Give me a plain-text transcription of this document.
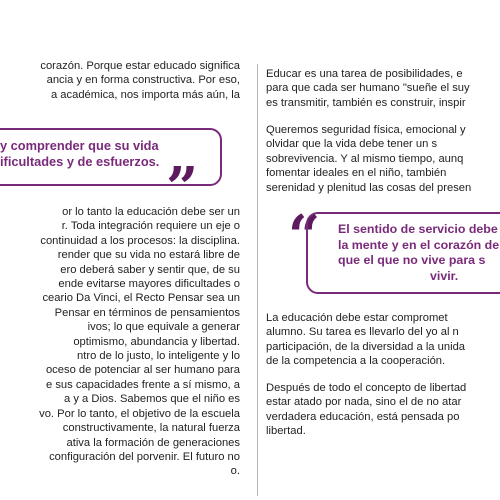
corazón. Porque estar educado significa
ancia y en forma constructiva. Por eso,
a académica, nos importa más aún, la

y comprender que su vida
ificultades y de esfuerzos. ”

or lo tanto la educación debe ser un
r. Toda integración requiere un eje o
continuidad a los procesos: la disciplina.
render que su vida no estará libre de
ero deberá saber y sentir que, de su
ende evitarse mayores dificultades o
ceario Da Vinci, el Recto Pensar sea un
Pensar en términos de pensamientos
ivos; lo que equivale a generar
optimismo, abundancia y libertad.
ntro de lo justo, lo inteligente y lo
oceso de potenciar al ser humano para
e sus capacidades frente a sí mismo, a
a y a Dios. Sabemos que el niño es
vo. Por lo tanto, el objetivo de la escuela
constructivamente, la natural fuerza
ativa la formación de generaciones
configuración del porvenir. El futuro no
o.

Educar es una tarea de posibilidades, e
para que cada ser humano "sueñe el suy
es transmitir, también es construir, inspir

Queremos seguridad física, emocional y
olvidar que la vida debe tener un s
sobrevivencia. Y al mismo tiempo, aunq
fomentar ideales en el niño, también
serenidad y plenitud las cosas del presen

“ El sentido de servicio debe
la mente y en el corazón de
que el que no vive para s
vivir.

La educación debe estar compromet
alumno. Su tarea es llevarlo del yo al n
participación, de la diversidad a la unida
de la competencia a la cooperación.

Después de todo el concepto de libertad
estar atado por nada, sino el de no atar
verdadera educación, está pensada po
libertad.
